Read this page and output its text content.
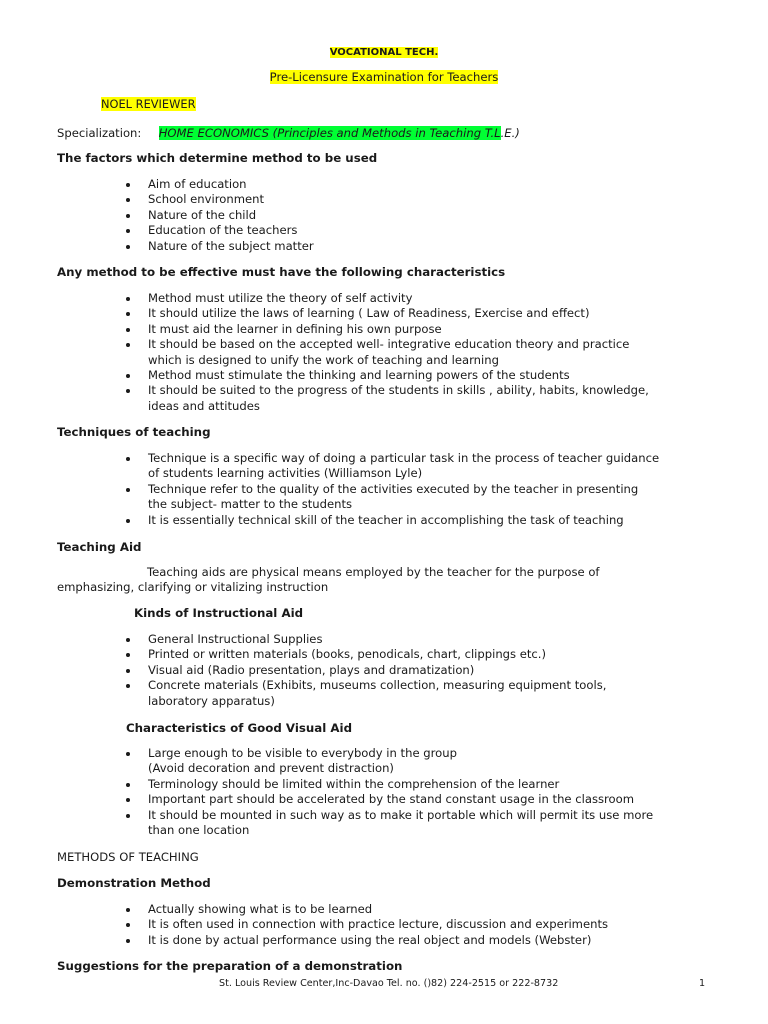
VOCATIONAL TECH.
Pre-Licensure Examination for Teachers
NOEL REVIEWER
Specialization: HOME ECONOMICS (Principles and Methods in Teaching T.L.E.)
The factors which determine method to be used
Aim of education
School environment
Nature of the child
Education of the teachers
Nature of the subject matter
Any method to be effective must have the following characteristics
Method must utilize the theory of self activity
It should utilize the laws of learning ( Law of Readiness, Exercise and effect)
It must aid the learner in defining his own purpose
It should be based on the accepted well- integrative education theory and practice
which is designed to unify the work of teaching and learning
Method must stimulate the thinking and learning powers of the students
It should be suited to the progress of the students in skills , ability, habits, knowledge,
ideas and attitudes
Techniques of teaching
Technique is a specific way of doing a particular task in the process of teacher guidance
of students learning activities (Williamson Lyle)
Technique refer to the quality of the activities executed by the teacher in presenting
the subject- matter to the students
It is essentially technical skill of the teacher in accomplishing the task of teaching
Teaching Aid
Teaching aids are physical means employed by the teacher for the purpose of
emphasizing, clarifying or vitalizing instruction
Kinds of Instructional Aid
General Instructional Supplies
Printed or written materials (books, penodicals, chart, clippings etc.)
Visual aid (Radio presentation, plays and dramatization)
Concrete materials (Exhibits, museums collection, measuring equipment tools,
laboratory apparatus)
Characteristics of Good Visual Aid
Large enough to be visible to everybody in the group
(Avoid decoration and prevent distraction)
Terminology should be limited within the comprehension of the learner
Important part should be accelerated by the stand constant usage in the classroom
It should be mounted in such way as to make it portable which will permit its use more
than one location
METHODS OF TEACHING
Demonstration Method
Actually showing what is to be learned
It is often used in connection with practice lecture, discussion and experiments
It is done by actual performance using the real object and models (Webster)
Suggestions for the preparation of a demonstration
St. Louis Review Center,Inc-Davao Tel. no. ()82) 224-2515 or 222-8732	1
